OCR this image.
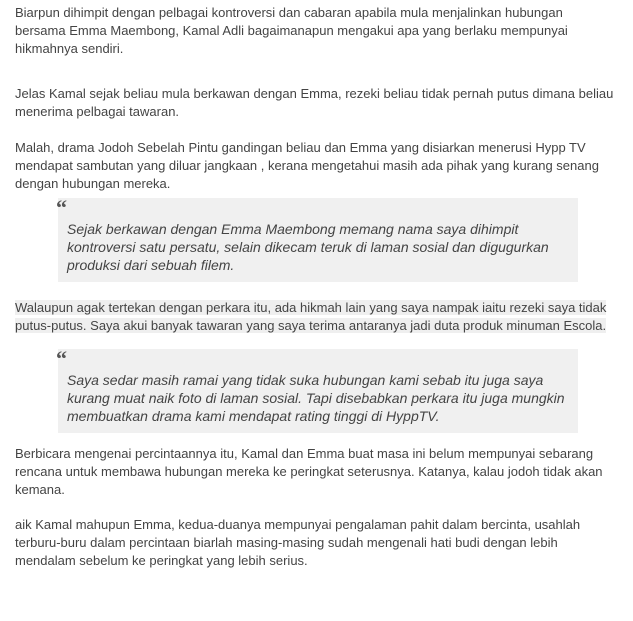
Biarpun dihimpit dengan pelbagai kontroversi dan cabaran apabila mula menjalinkan hubungan bersama Emma Maembong, Kamal Adli bagaimanapun mengakui apa yang berlaku mempunyai hikmahnya sendiri.

Jelas Kamal sejak beliau mula berkawan dengan Emma, rezeki beliau tidak pernah putus dimana beliau menerima pelbagai tawaran.

Malah, drama Jodoh Sebelah Pintu gandingan beliau dan Emma yang disiarkan menerusi Hypp TV mendapat sambutan yang diluar jangkaan , kerana mengetahui masih ada pihak yang kurang senang dengan hubungan mereka.

“

Sejak berkawan dengan Emma Maembong memang nama saya dihimpit kontroversi satu persatu, selain dikecam teruk di laman sosial dan digugurkan produksi dari sebuah filem.

Walaupun agak tertekan dengan perkara itu, ada hikmah lain yang saya nampak iaitu rezeki saya tidak putus-putus. Saya akui banyak tawaran yang saya terima antaranya jadi duta produk minuman Escola.
“

Saya sedar masih ramai yang tidak suka hubungan kami sebab itu juga saya kurang muat naik foto di laman sosial. Tapi disebabkan perkara itu juga mungkin membuatkan drama kami mendapat rating tinggi di HyppTV.

Berbicara mengenai percintaannya itu, Kamal dan Emma buat masa ini belum mempunyai sebarang rencana untuk membawa hubungan mereka ke peringkat seterusnya. Katanya, kalau jodoh tidak akan kemana.

aik Kamal mahupun Emma, kedua-duanya mempunyai pengalaman pahit dalam bercinta, usahlah terburu-buru dalam percintaan biarlah masing-masing sudah mengenali hati budi dengan lebih mendalam sebelum ke peringkat yang lebih serius.
